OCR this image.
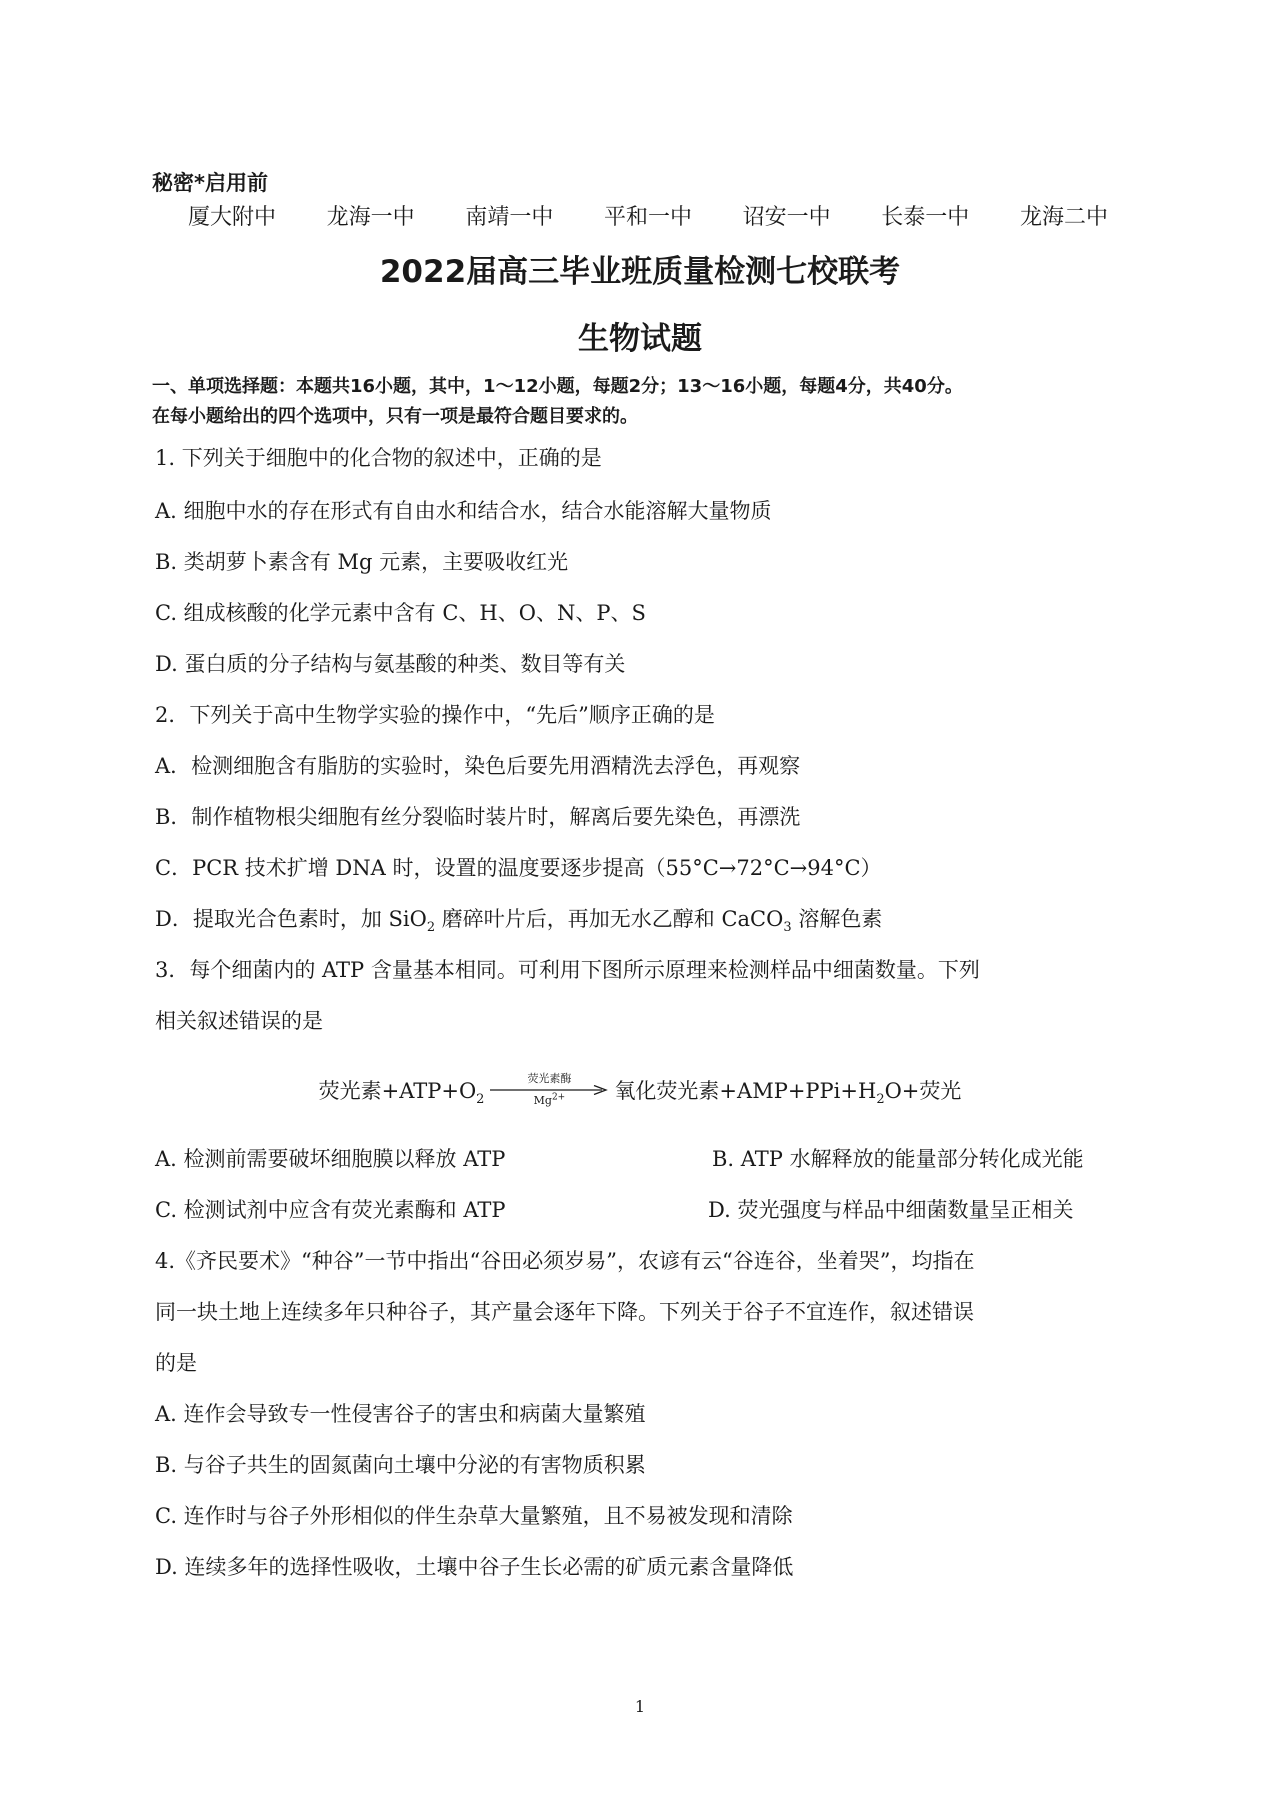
秘密*启用前
厦大附中 龙海一中 南靖一中 平和一中 诏安一中 长泰一中 龙海二中
2022届高三毕业班质量检测七校联考
生物试题
一、单项选择题：本题共16小题，其中，1～12小题，每题2分；13～16小题，每题4分，共40分。
在每小题给出的四个选项中，只有一项是最符合题目要求的。
1. 下列关于细胞中的化合物的叙述中，正确的是
A. 细胞中水的存在形式有自由水和结合水，结合水能溶解大量物质
B. 类胡萝卜素含有 Mg 元素，主要吸收红光
C. 组成核酸的化学元素中含有 C、H、O、N、P、S
D. 蛋白质的分子结构与氨基酸的种类、数目等有关
2．下列关于高中生物学实验的操作中，“先后”顺序正确的是
A．检测细胞含有脂肪的实验时，染色后要先用酒精洗去浮色，再观察
B．制作植物根尖细胞有丝分裂临时装片时，解离后要先染色，再漂洗
C．PCR 技术扩增 DNA 时，设置的温度要逐步提高（55°C→72°C→94°C）
D．提取光合色素时，加 SiO$_2$ 磨碎叶片后，再加无水乙醇和 CaCO$_3$ 溶解色素
3．每个细菌内的 ATP 含量基本相同。可利用下图所示原理来检测样品中细菌数量。下列
相关叙述错误的是
荧光素$+ATP+O_2$
荧光素酶
$Mg^{2+}$ 氧化荧光素$+AMP+PPi+H_2O+$荧光
A. 检测前需要破坏细胞膜以释放 ATP	B. ATP 水解释放的能量部分转化成光能
C. 检测试剂中应含有荧光素酶和 ATP	D. 荧光强度与样品中细菌数量呈正相关
4.《齐民要术》“种谷”一节中指出“谷田必须岁易”，农谚有云“谷连谷，坐着哭”，均指在
同一块土地上连续多年只种谷子，其产量会逐年下降。下列关于谷子不宜连作，叙述错误
的是
A. 连作会导致专一性侵害谷子的害虫和病菌大量繁殖
B. 与谷子共生的固氮菌向土壤中分泌的有害物质积累
C. 连作时与谷子外形相似的伴生杂草大量繁殖，且不易被发现和清除
D. 连续多年的选择性吸收，土壤中谷子生长必需的矿质元素含量降低
1
